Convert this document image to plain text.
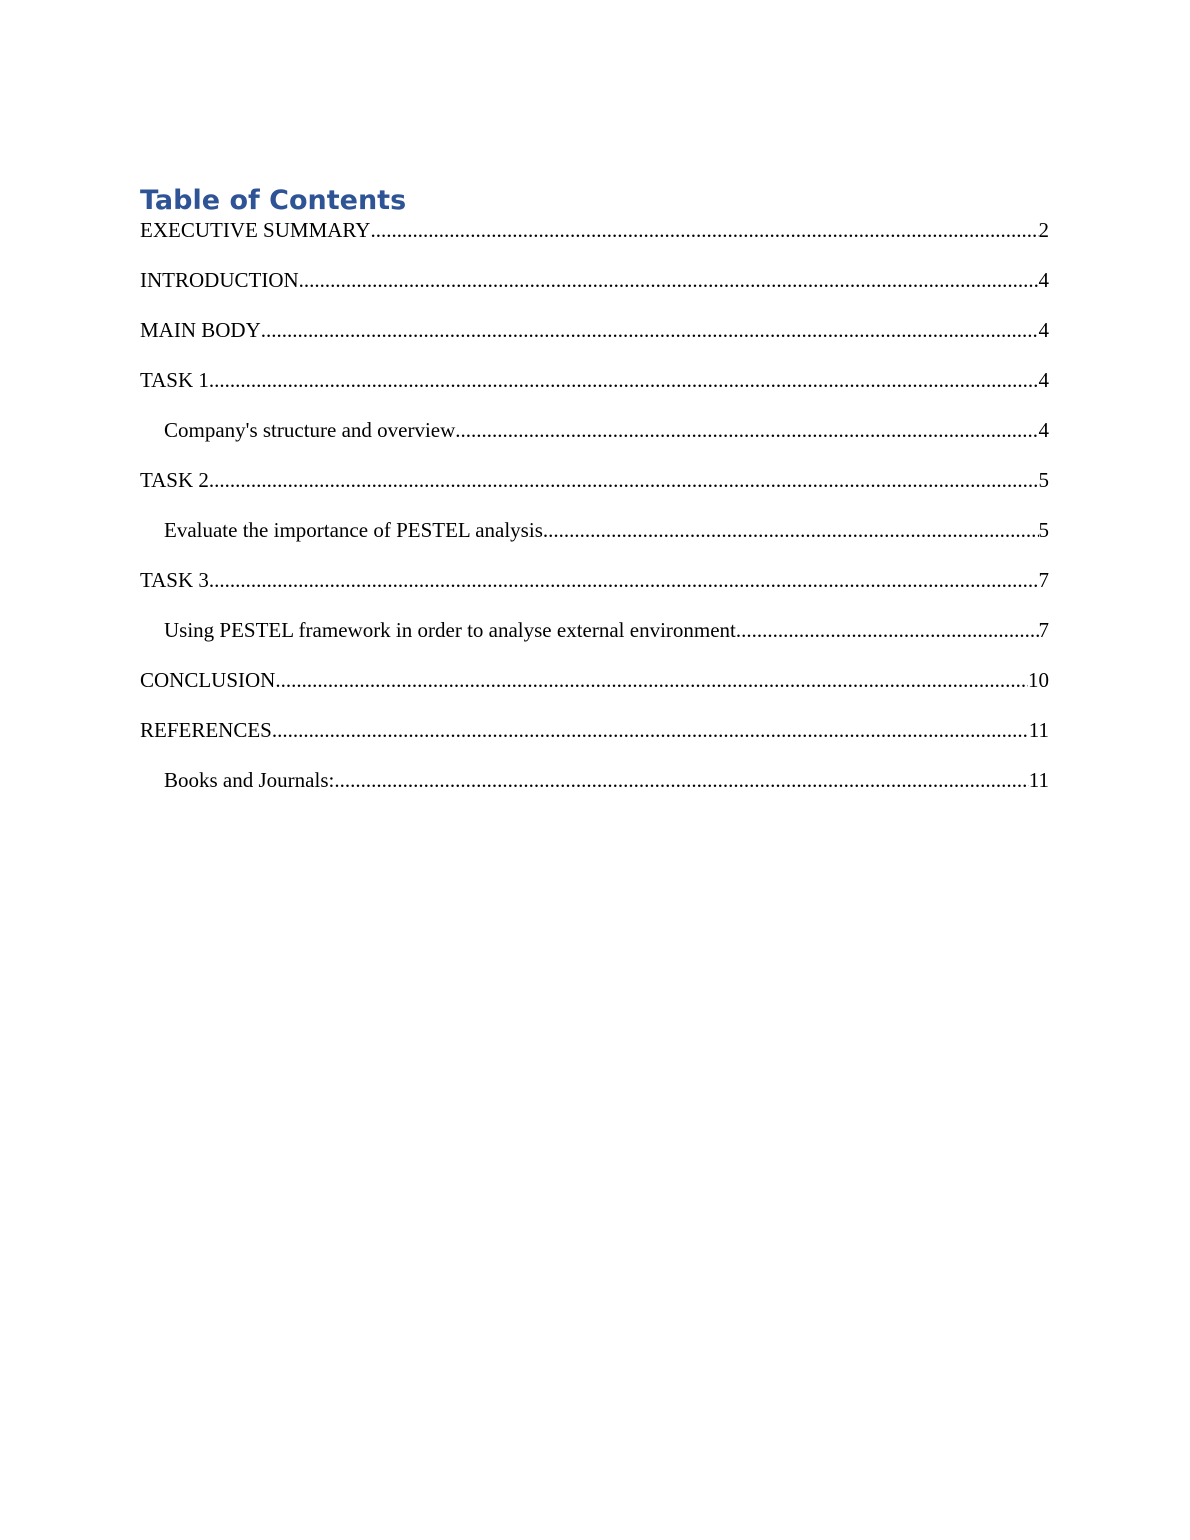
Table of Contents
EXECUTIVE SUMMARY .....	2
INTRODUCTION .....	4
MAIN BODY .....	4
TASK 1 .....	4
Company's structure and overview .....	4
TASK 2 .....	5
Evaluate the importance of PESTEL analysis .....	5
TASK 3 .....	7
Using PESTEL framework in order to analyse external environment .....	7
CONCLUSION .....	10
REFERENCES .....	11
Books and Journals: .....	11
